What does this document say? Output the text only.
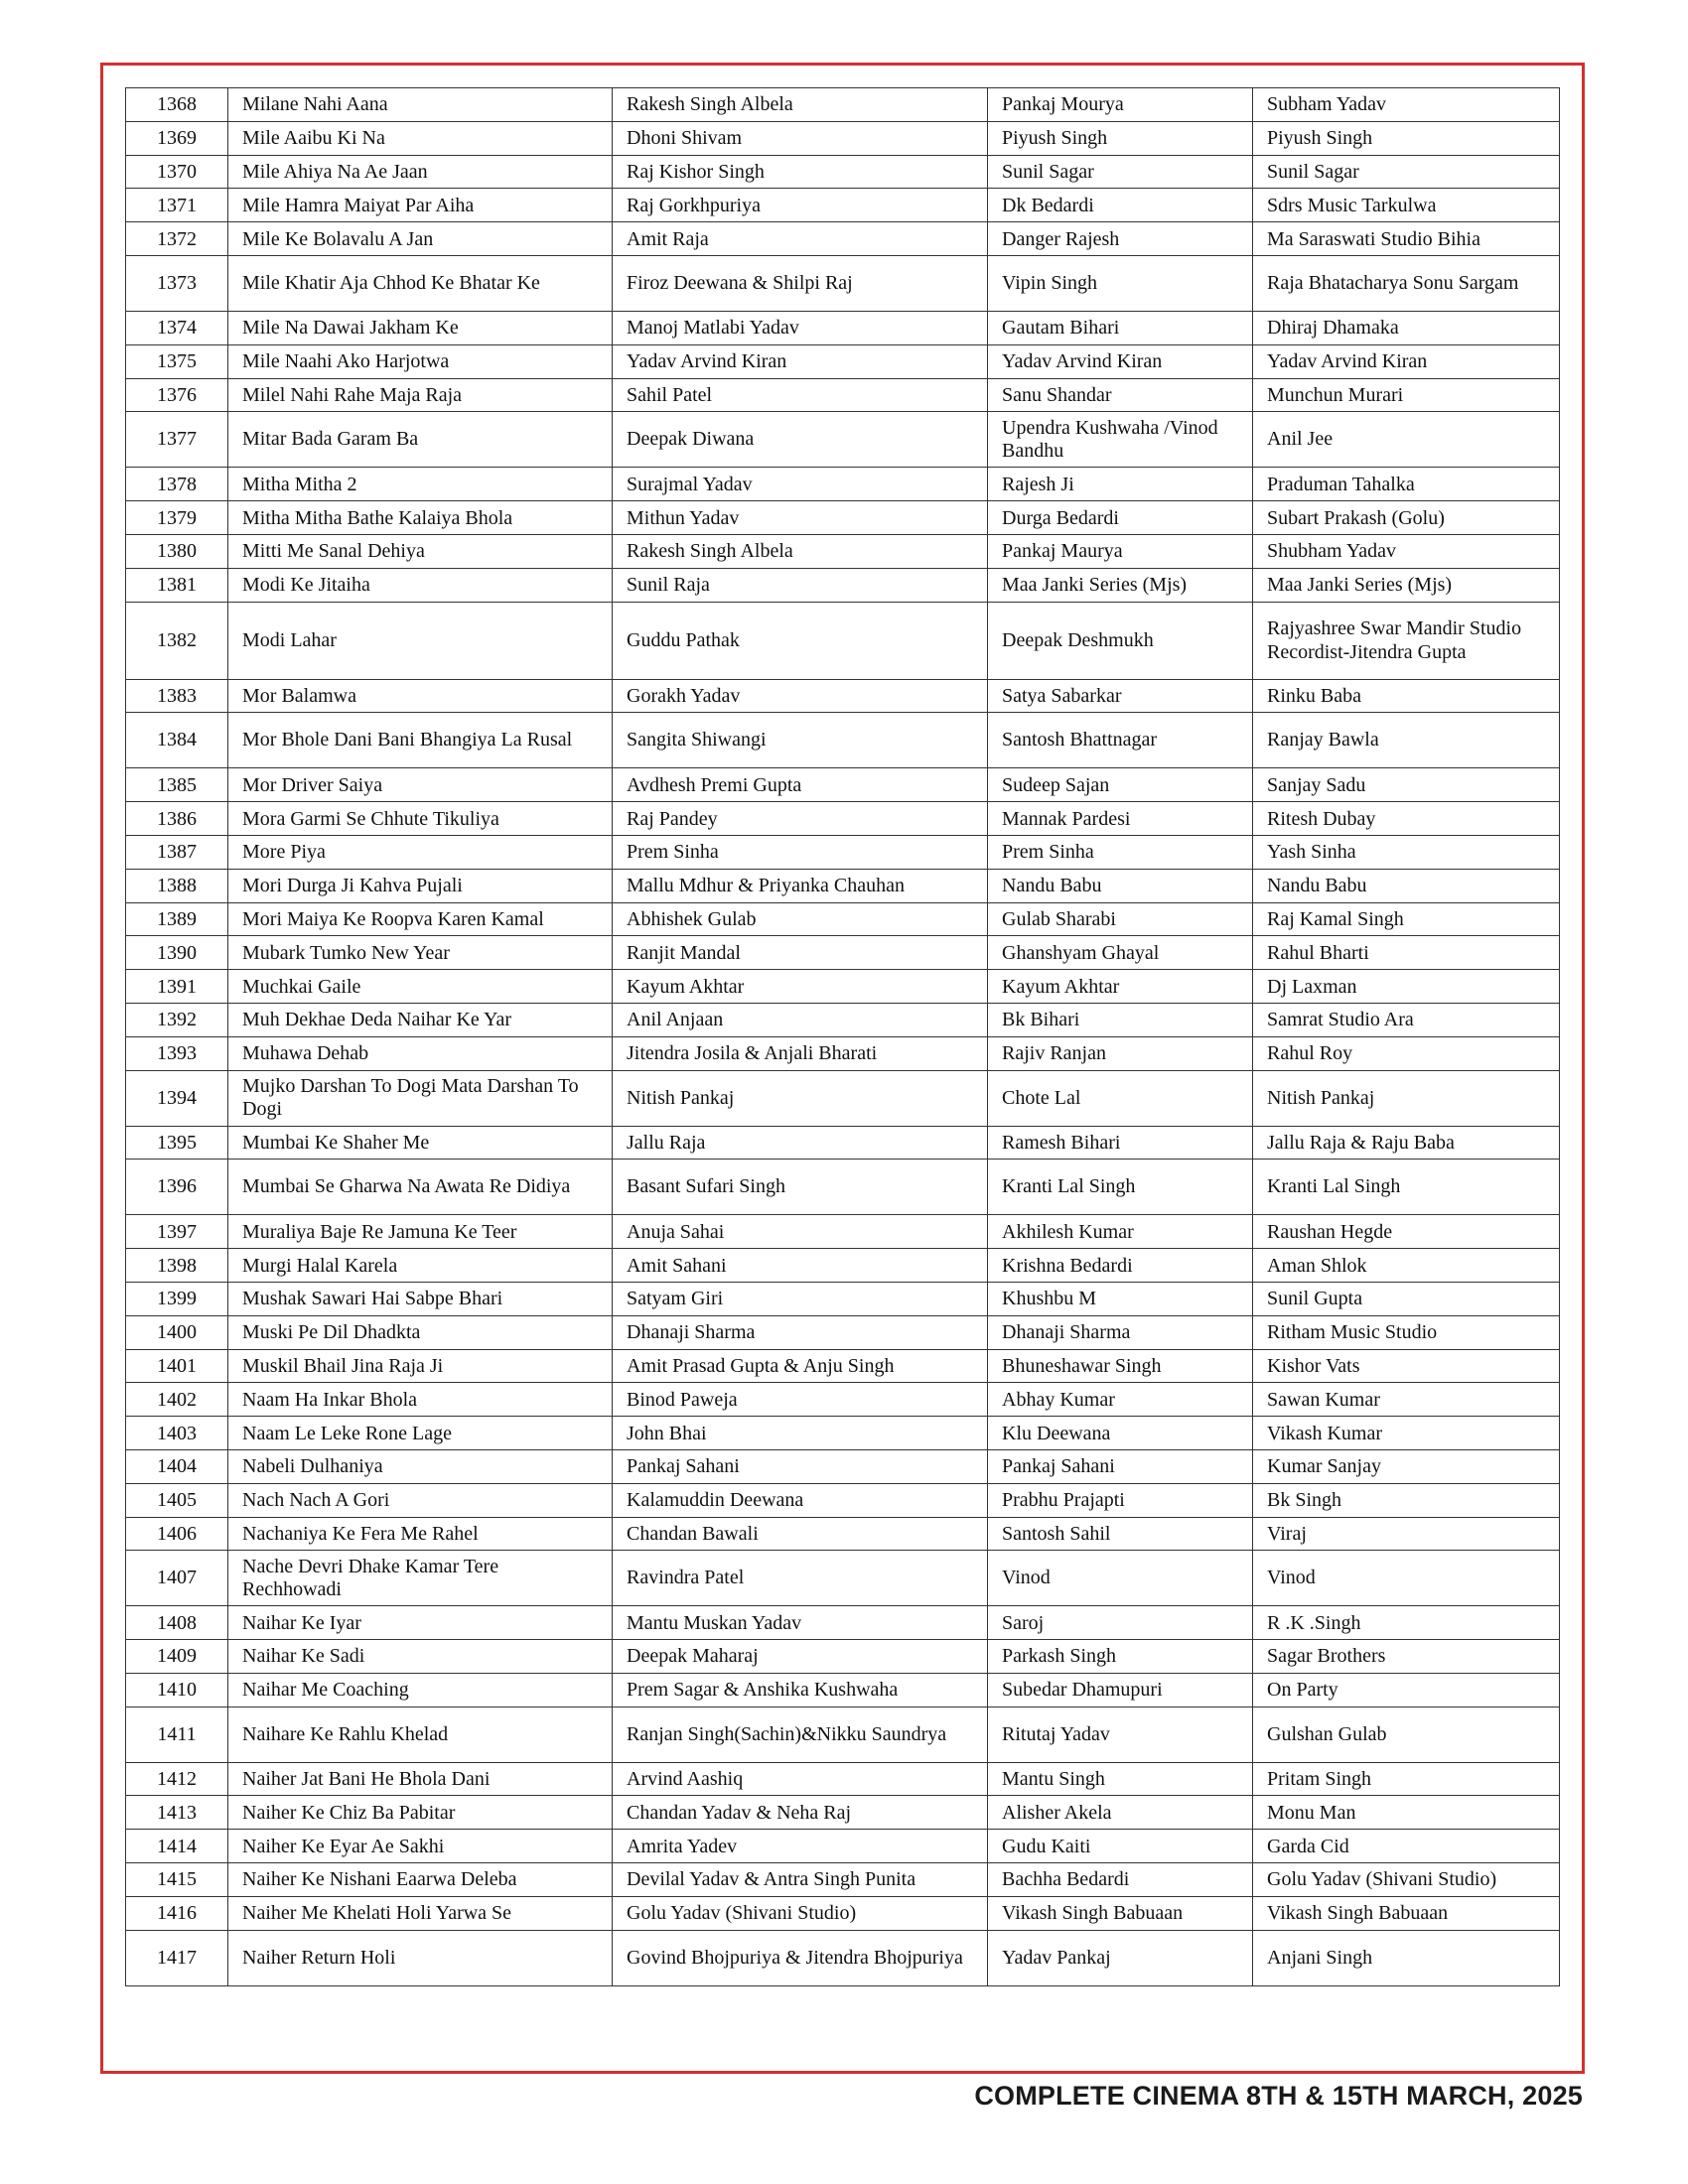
1368	Milane Nahi Aana	Rakesh Singh Albela	Pankaj Mourya	Subham Yadav
1369	Mile Aaibu Ki Na	Dhoni Shivam	Piyush Singh	Piyush Singh
1370	Mile Ahiya Na Ae Jaan	Raj Kishor Singh	Sunil Sagar	Sunil Sagar
1371	Mile Hamra Maiyat Par Aiha	Raj Gorkhpuriya	Dk Bedardi	Sdrs Music Tarkulwa
1372	Mile Ke Bolavalu A Jan	Amit Raja	Danger Rajesh	Ma Saraswati Studio Bihia
1373	Mile Khatir Aja Chhod Ke Bhatar Ke	Firoz Deewana & Shilpi Raj	Vipin Singh	Raja Bhatacharya Sonu Sargam
1374	Mile Na Dawai Jakham Ke	Manoj Matlabi Yadav	Gautam Bihari	Dhiraj Dhamaka
1375	Mile Naahi Ako Harjotwa	Yadav Arvind Kiran	Yadav Arvind Kiran	Yadav Arvind Kiran
1376	Milel Nahi Rahe Maja Raja	Sahil Patel	Sanu Shandar	Munchun Murari
1377	Mitar Bada Garam Ba	Deepak Diwana	Upendra Kushwaha /Vinod Bandhu	Anil Jee
1378	Mitha Mitha 2	Surajmal Yadav	Rajesh Ji	Praduman Tahalka
1379	Mitha Mitha Bathe Kalaiya Bhola	Mithun Yadav	Durga Bedardi	Subart Prakash (Golu)
1380	Mitti Me Sanal Dehiya	Rakesh Singh Albela	Pankaj Maurya	Shubham Yadav
1381	Modi Ke Jitaiha	Sunil Raja	Maa Janki Series (Mjs)	Maa Janki Series (Mjs)
1382	Modi Lahar	Guddu Pathak	Deepak Deshmukh	Rajyashree Swar Mandir Studio Recordist-Jitendra Gupta
1383	Mor Balamwa	Gorakh Yadav	Satya Sabarkar	Rinku Baba
1384	Mor Bhole Dani Bani Bhangiya La Rusal	Sangita Shiwangi	Santosh Bhattnagar	Ranjay Bawla
1385	Mor Driver Saiya	Avdhesh Premi Gupta	Sudeep Sajan	Sanjay Sadu
1386	Mora Garmi Se Chhute Tikuliya	Raj Pandey	Mannak Pardesi	Ritesh Dubay
1387	More Piya	Prem Sinha	Prem Sinha	Yash Sinha
1388	Mori Durga Ji Kahva Pujali	Mallu Mdhur & Priyanka Chauhan	Nandu Babu	Nandu Babu
1389	Mori Maiya Ke Roopva Karen Kamal	Abhishek Gulab	Gulab Sharabi	Raj Kamal Singh
1390	Mubark Tumko New Year	Ranjit Mandal	Ghanshyam Ghayal	Rahul Bharti
1391	Muchkai Gaile	Kayum Akhtar	Kayum Akhtar	Dj Laxman
1392	Muh Dekhae Deda Naihar Ke Yar	Anil Anjaan	Bk Bihari	Samrat Studio Ara
1393	Muhawa Dehab	Jitendra Josila & Anjali Bharati	Rajiv Ranjan	Rahul Roy
1394	Mujko Darshan To Dogi Mata Darshan To Dogi	Nitish Pankaj	Chote Lal	Nitish Pankaj
1395	Mumbai Ke Shaher Me	Jallu Raja	Ramesh Bihari	Jallu Raja & Raju Baba
1396	Mumbai Se Gharwa Na Awata Re Didiya	Basant Sufari Singh	Kranti Lal Singh	Kranti Lal Singh
1397	Muraliya Baje Re Jamuna Ke Teer	Anuja Sahai	Akhilesh Kumar	Raushan Hegde
1398	Murgi Halal Karela	Amit Sahani	Krishna Bedardi	Aman Shlok
1399	Mushak Sawari Hai Sabpe Bhari	Satyam Giri	Khushbu M	Sunil Gupta
1400	Muski Pe Dil Dhadkta	Dhanaji Sharma	Dhanaji Sharma	Ritham Music Studio
1401	Muskil Bhail Jina Raja Ji	Amit Prasad Gupta & Anju Singh	Bhuneshawar Singh	Kishor Vats
1402	Naam Ha Inkar Bhola	Binod Paweja	Abhay Kumar	Sawan Kumar
1403	Naam Le Leke Rone Lage	John Bhai	Klu Deewana	Vikash Kumar
1404	Nabeli Dulhaniya	Pankaj Sahani	Pankaj Sahani	Kumar Sanjay
1405	Nach Nach A Gori	Kalamuddin Deewana	Prabhu Prajapti	Bk Singh
1406	Nachaniya Ke Fera Me Rahel	Chandan Bawali	Santosh Sahil	Viraj
1407	Nache Devri Dhake Kamar Tere Rechhowadi	Ravindra Patel	Vinod	Vinod
1408	Naihar Ke Iyar	Mantu Muskan Yadav	Saroj	R .K .Singh
1409	Naihar Ke Sadi	Deepak Maharaj	Parkash Singh	Sagar Brothers
1410	Naihar Me Coaching	Prem Sagar & Anshika Kushwaha	Subedar Dhamupuri	On Party
1411	Naihare Ke Rahlu Khelad	Ranjan Singh(Sachin)&Nikku Saundrya	Ritutaj Yadav	Gulshan Gulab
1412	Naiher Jat Bani He Bhola Dani	Arvind Aashiq	Mantu Singh	Pritam Singh
1413	Naiher Ke Chiz Ba Pabitar	Chandan Yadav & Neha Raj	Alisher Akela	Monu Man
1414	Naiher Ke Eyar Ae Sakhi	Amrita Yadev	Gudu Kaiti	Garda Cid
1415	Naiher Ke Nishani Eaarwa Deleba	Devilal Yadav & Antra Singh Punita	Bachha Bedardi	Golu Yadav (Shivani Studio)
1416	Naiher Me Khelati Holi Yarwa Se	Golu Yadav (Shivani Studio)	Vikash Singh Babuaan	Vikash Singh Babuaan
1417	Naiher Return Holi	Govind Bhojpuriya & Jitendra Bhojpuriya	Yadav Pankaj	Anjani Singh
COMPLETE CINEMA 8TH & 15TH MARCH, 2025
